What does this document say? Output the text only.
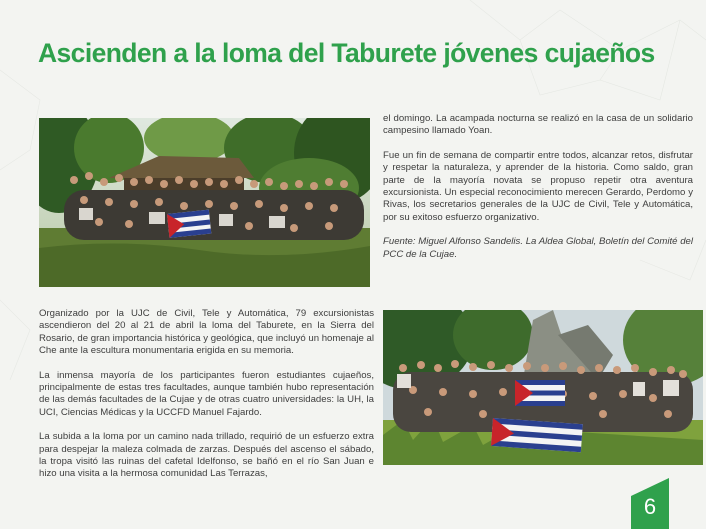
Ascienden a la loma del Taburete jóvenes cujaeños

Organizado por la UJC de Civil, Tele y Automática, 79 excursionistas ascendieron del 20 al 21 de abril la loma del Taburete, en la Sierra del Rosario, de gran importancia histórica y geológica, que incluyó un homenaje al Che ante la escultura monumentaria erigida en su memoria.

La inmensa mayoría de los participantes fueron estudiantes cujaeños, principalmente de estas tres facultades, aunque también hubo representación de las demás facultades de la Cujae y de otras cuatro universidades: la UH, la UCI, Ciencias Médicas y la UCCFD Manuel Fajardo.

La subida a la loma por un camino nada trillado, requirió de un esfuerzo extra para despejar la maleza colmada de zarzas. Después del ascenso el sábado, la tropa visitó las ruinas del cafetal Idelfonso, se bañó en el río San Juan e hizo una visita a la hermosa comunidad Las Terrazas,

el domingo. La acampada nocturna se realizó en la casa de un solidario campesino llamado Yoan.

Fue un fin de semana de compartir entre todos, alcanzar retos, disfrutar y respetar la naturaleza, y aprender de la historia. Como saldo, gran parte de la mayoría novata se propuso repetir otra aventura excursionista. Un especial reconocimiento merecen Gerardo, Perdomo y Rivas, los secretarios generales de la UJC de Civil, Tele y Automática, por su exitoso esfuerzo organizativo.

Fuente: Miguel Alfonso Sandelis. La Aldea Global, Boletín del Comité del PCC de la Cujae.

6
